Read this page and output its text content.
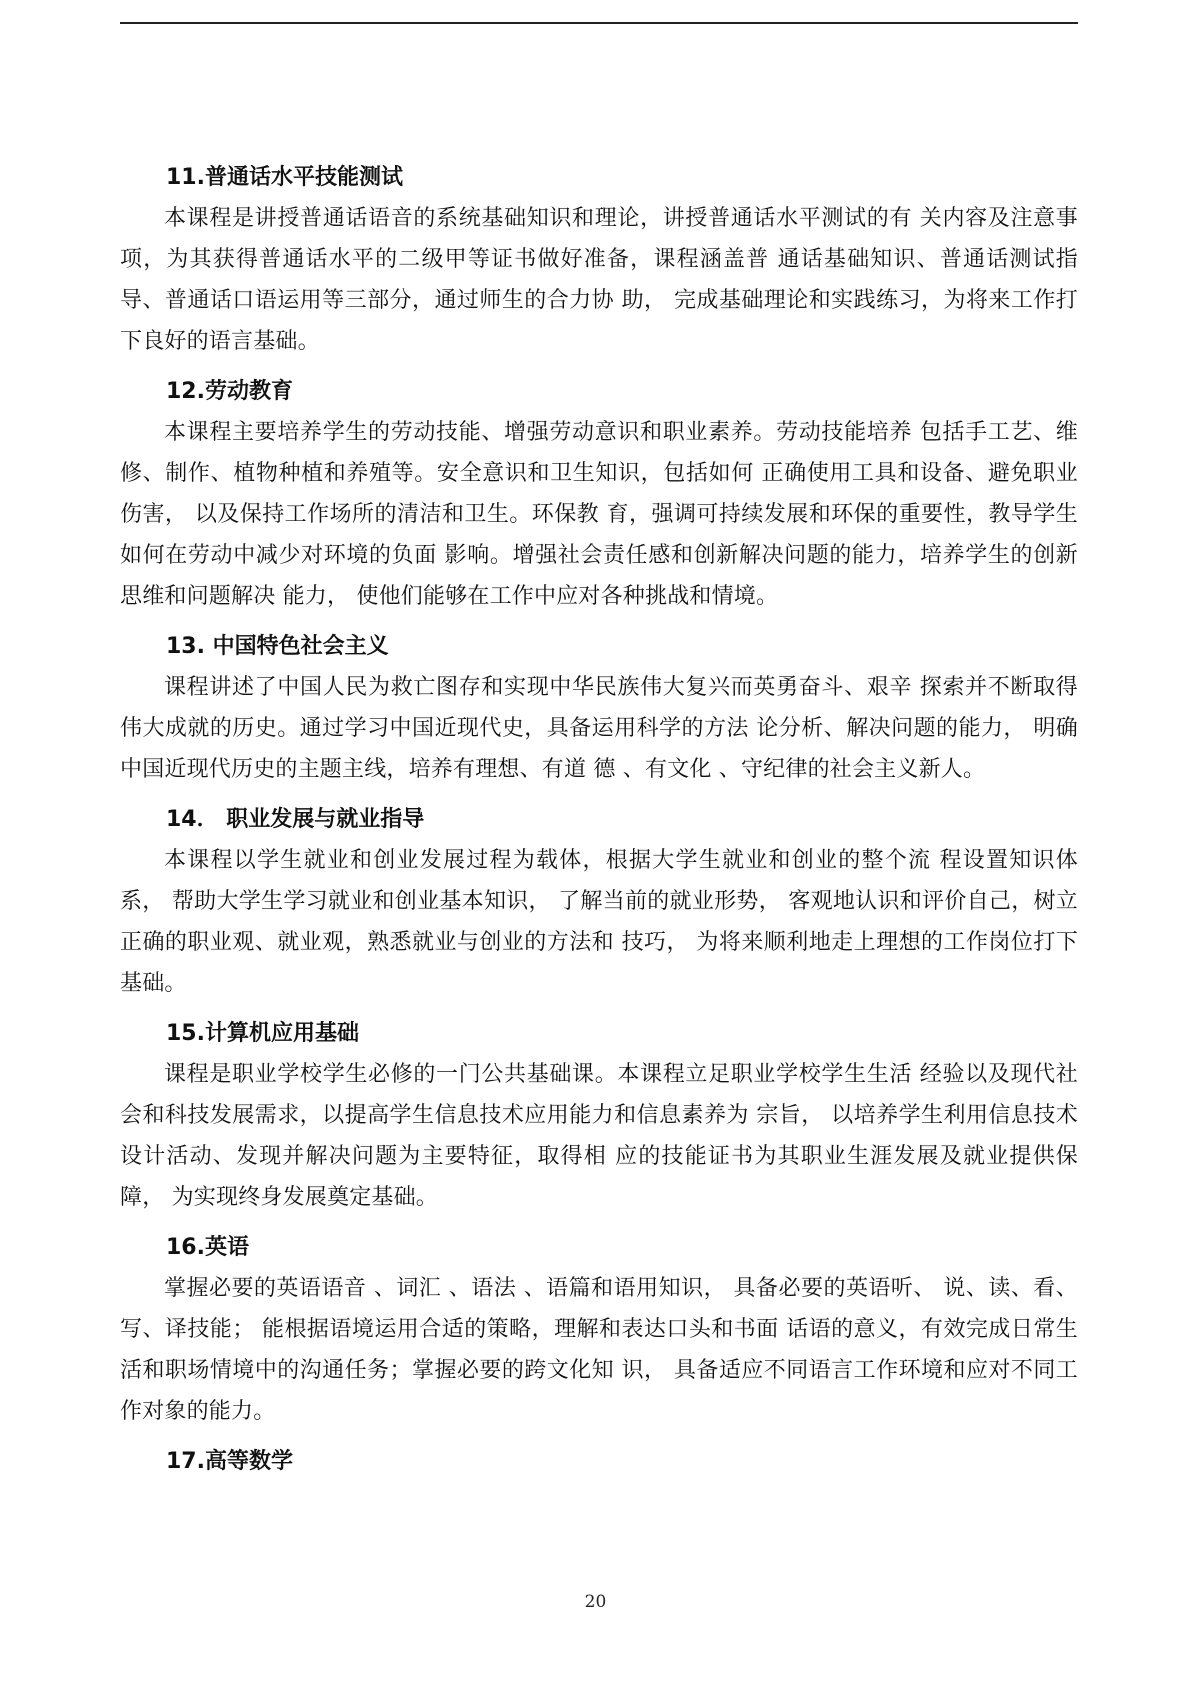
11.普通话水平技能测试

本课程是讲授普通话语音的系统基础知识和理论，讲授普通话水平测试的有 关内容及注意事项，为其获得普通话水平的二级甲等证书做好准备，课程涵盖普 通话基础知识、普通话测试指导、普通话口语运用等三部分，通过师生的合力协 助， 完成基础理论和实践练习，为将来工作打下良好的语言基础。

12.劳动教育

本课程主要培养学生的劳动技能、增强劳动意识和职业素养。劳动技能培养 包括手工艺、维修、制作、植物种植和养殖等。安全意识和卫生知识，包括如何 正确使用工具和设备、避免职业伤害， 以及保持工作场所的清洁和卫生。环保教 育，强调可持续发展和环保的重要性，教导学生如何在劳动中减少对环境的负面 影响。增强社会责任感和创新解决问题的能力，培养学生的创新思维和问题解决 能力， 使他们能够在工作中应对各种挑战和情境。

13. 中国特色社会主义

课程讲述了中国人民为救亡图存和实现中华民族伟大复兴而英勇奋斗、艰辛 探索并不断取得伟大成就的历史。通过学习中国近现代史，具备运用科学的方法 论分析、解决问题的能力， 明确中国近现代历史的主题主线，培养有理想、有道 德 、有文化 、守纪律的社会主义新人。

14． 职业发展与就业指导

本课程以学生就业和创业发展过程为载体，根据大学生就业和创业的整个流 程设置知识体系， 帮助大学生学习就业和创业基本知识， 了解当前的就业形势， 客观地认识和评价自己，树立正确的职业观、就业观，熟悉就业与创业的方法和 技巧， 为将来顺利地走上理想的工作岗位打下基础。

15.计算机应用基础

课程是职业学校学生必修的一门公共基础课。本课程立足职业学校学生生活 经验以及现代社会和科技发展需求，以提高学生信息技术应用能力和信息素养为 宗旨， 以培养学生利用信息技术设计活动、发现并解决问题为主要特征，取得相 应的技能证书为其职业生涯发展及就业提供保障， 为实现终身发展奠定基础。

16.英语

掌握必要的英语语音 、词汇 、语法 、语篇和语用知识， 具备必要的英语听、 说、读、看、写、译技能； 能根据语境运用合适的策略，理解和表达口头和书面 话语的意义，有效完成日常生活和职场情境中的沟通任务；掌握必要的跨文化知 识， 具备适应不同语言工作环境和应对不同工作对象的能力。

17.高等数学
20
